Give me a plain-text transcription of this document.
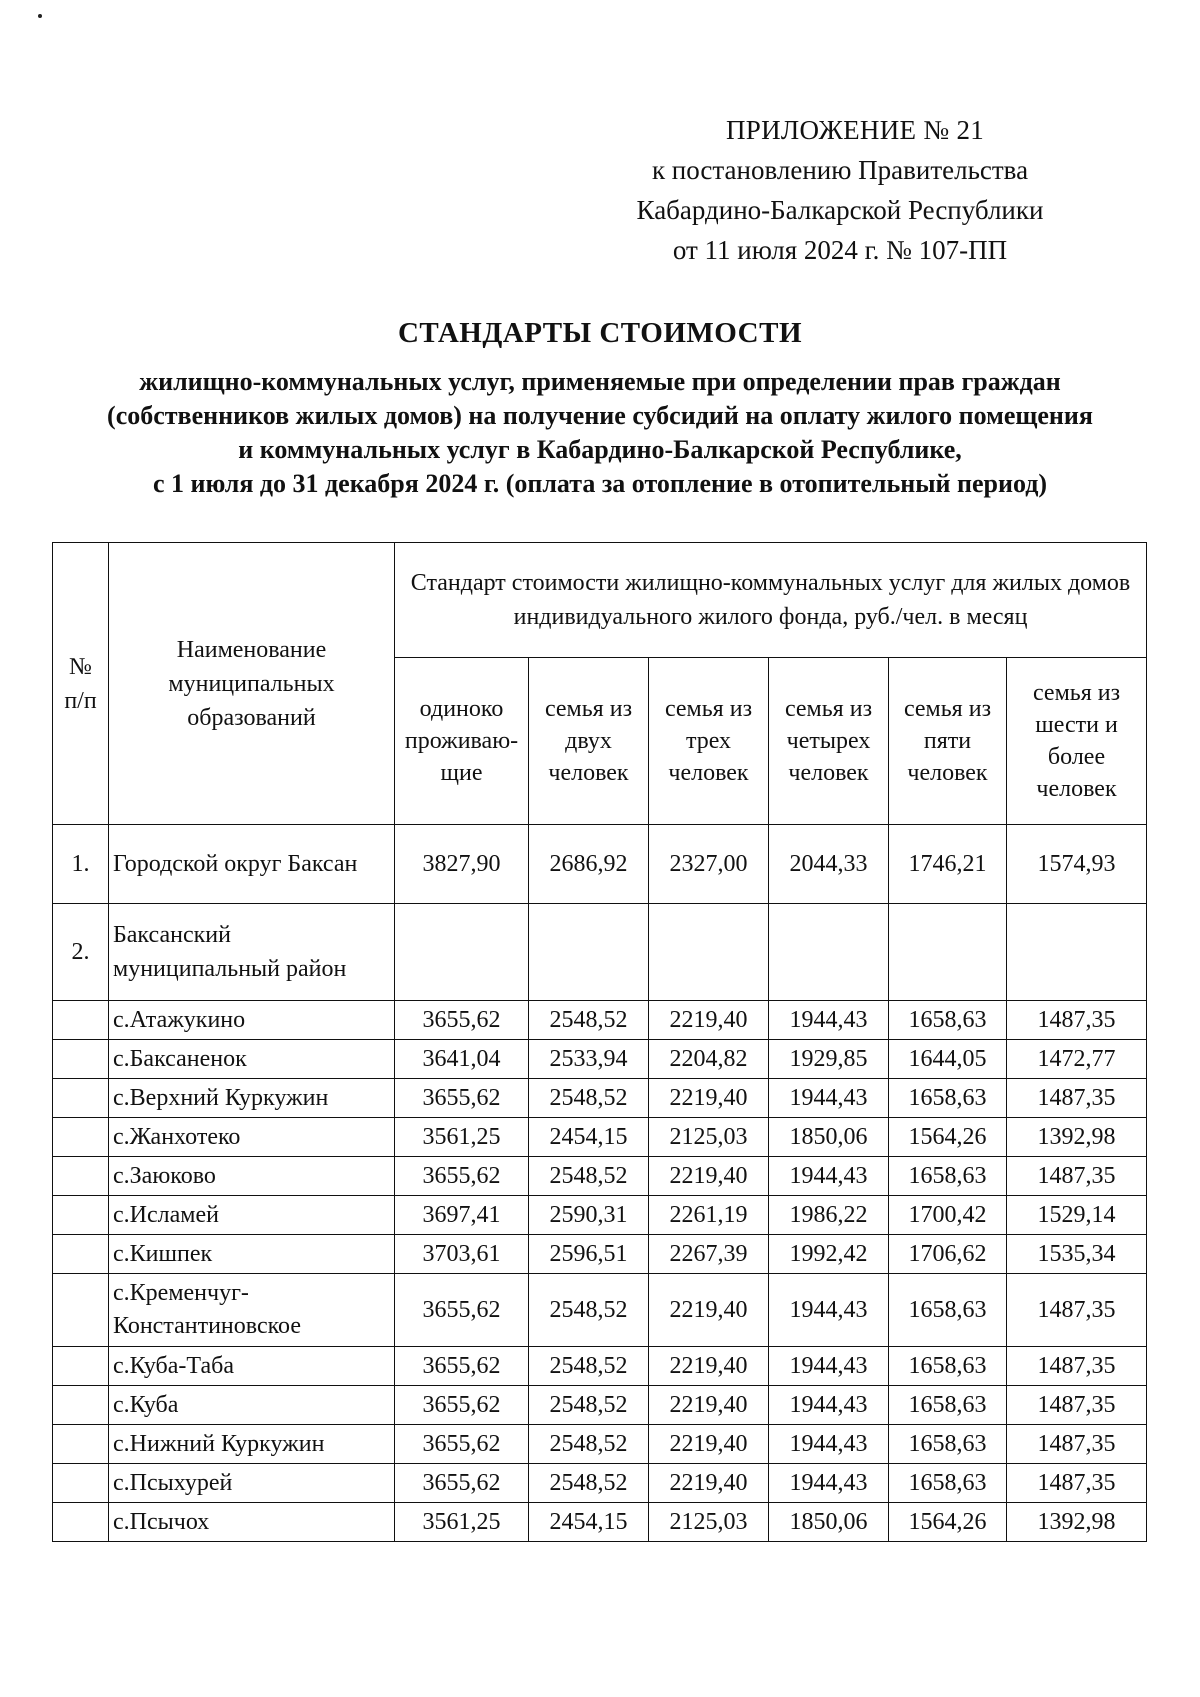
ПРИЛОЖЕНИЕ № 21
к постановлению Правительства
Кабардино-Балкарской Республики
от 11 июля 2024 г. № 107-ПП
СТАНДАРТЫ СТОИМОСТИ
жилищно-коммунальных услуг, применяемые при определении прав граждан
(собственников жилых домов) на получение субсидий на оплату жилого помещения
и коммунальных услуг в Кабардино-Балкарской Республике,
с 1 июля до 31 декабря 2024 г. (оплата за отопление в отопительный период)
№ п/п	Наименование муниципальных образований	Стандарт стоимости жилищно-коммунальных услуг для жилых домов индивидуального жилого фонда, руб./чел. в месяц					
		одиноко проживаю-щие	семья из двух человек	семья из трех человек	семья из четырех человек	семья из пяти человек	семья из шести и более человек
1.	Городской округ Баксан	3827,90	2686,92	2327,00	2044,33	1746,21	1574,93
2.	Баксанский муниципальный район						
	с.Атажукино	3655,62	2548,52	2219,40	1944,43	1658,63	1487,35
	с.Баксаненок	3641,04	2533,94	2204,82	1929,85	1644,05	1472,77
	с.Верхний Куркужин	3655,62	2548,52	2219,40	1944,43	1658,63	1487,35
	с.Жанхотеко	3561,25	2454,15	2125,03	1850,06	1564,26	1392,98
	с.Заюково	3655,62	2548,52	2219,40	1944,43	1658,63	1487,35
	с.Исламей	3697,41	2590,31	2261,19	1986,22	1700,42	1529,14
	с.Кишпек	3703,61	2596,51	2267,39	1992,42	1706,62	1535,34
	с.Кременчуг-Константиновское	3655,62	2548,52	2219,40	1944,43	1658,63	1487,35
	с.Куба-Таба	3655,62	2548,52	2219,40	1944,43	1658,63	1487,35
	с.Куба	3655,62	2548,52	2219,40	1944,43	1658,63	1487,35
	с.Нижний Куркужин	3655,62	2548,52	2219,40	1944,43	1658,63	1487,35
	с.Псыхурей	3655,62	2548,52	2219,40	1944,43	1658,63	1487,35
	с.Псычох	3561,25	2454,15	2125,03	1850,06	1564,26	1392,98
